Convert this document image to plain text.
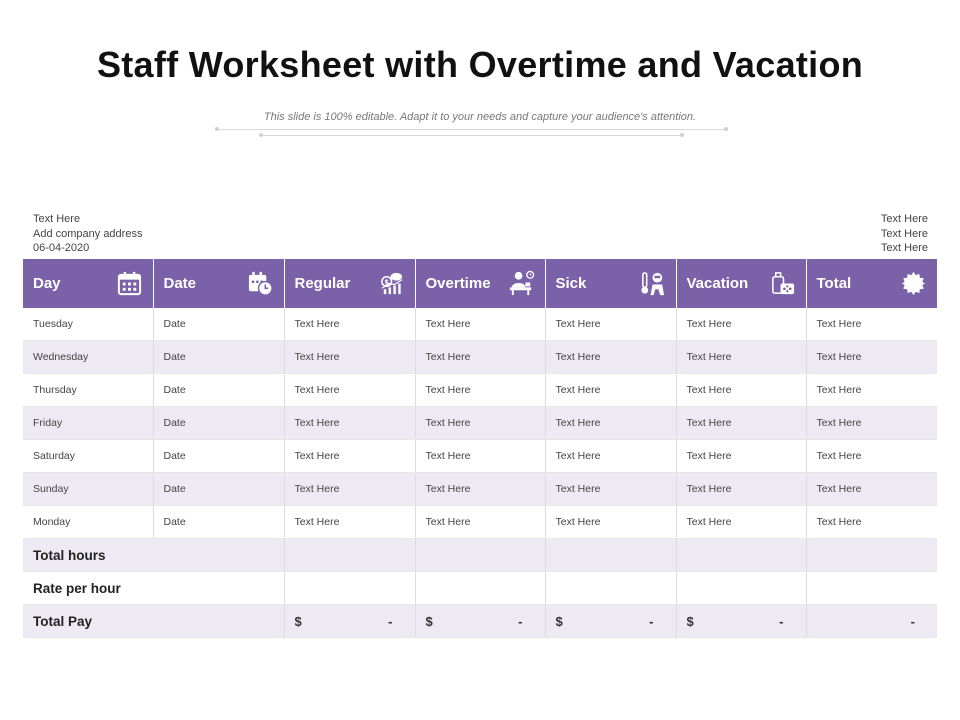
Staff Worksheet with Overtime and Vacation
This slide is 100% editable. Adapt it to your needs and capture your audience's attention.
Text Here
Add company address
06-04-2020
Text Here
Text Here
Text Here
Day	Date	Regular $	Overtime	Sick	Vacation	Total

Tuesday	Date	Text Here	Text Here	Text Here	Text Here	Text Here
Wednesday	Date	Text Here	Text Here	Text Here	Text Here	Text Here
Thursday	Date	Text Here	Text Here	Text Here	Text Here	Text Here
Friday	Date	Text Here	Text Here	Text Here	Text Here	Text Here
Saturday	Date	Text Here	Text Here	Text Here	Text Here	Text Here
Sunday	Date	Text Here	Text Here	Text Here	Text Here	Text Here
Monday	Date	Text Here	Text Here	Text Here	Text Here	Text Here
Total hours						
Rate per hour						
Total Pay		$ -	$ -	$ -	$ -	-
